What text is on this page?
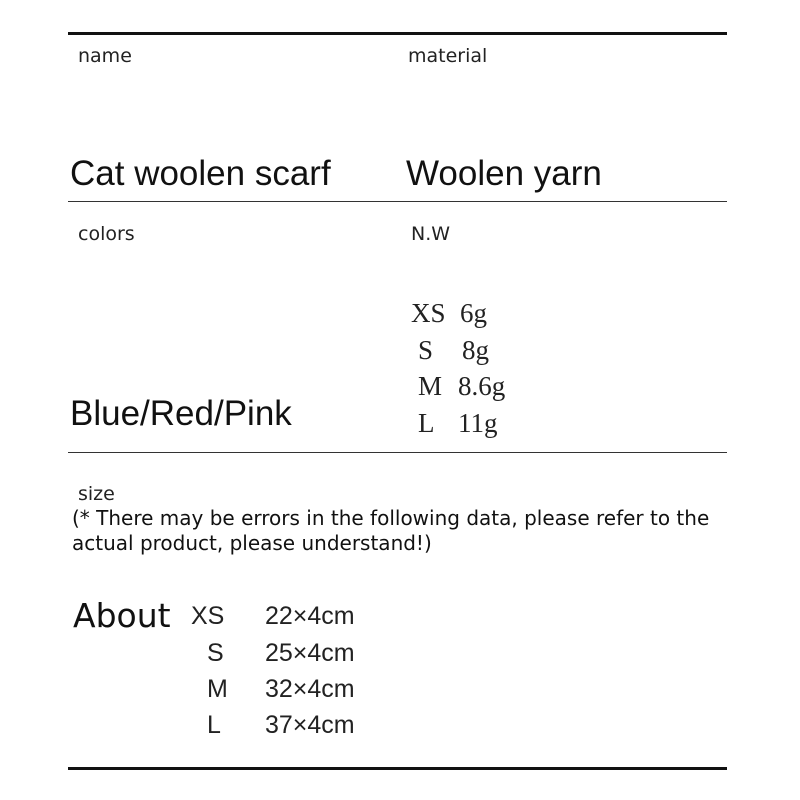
name	material
Cat woolen scarf Woolen yarn
colors	N.W
XS 6g
S 8g
M 8.6g
L 11g
Blue/Red/Pink
size
(* There may be errors in the following data, please refer to the actual product, please understand!)
About XS 22×4cm
S 25×4cm
M 32×4cm
L 37×4cm
